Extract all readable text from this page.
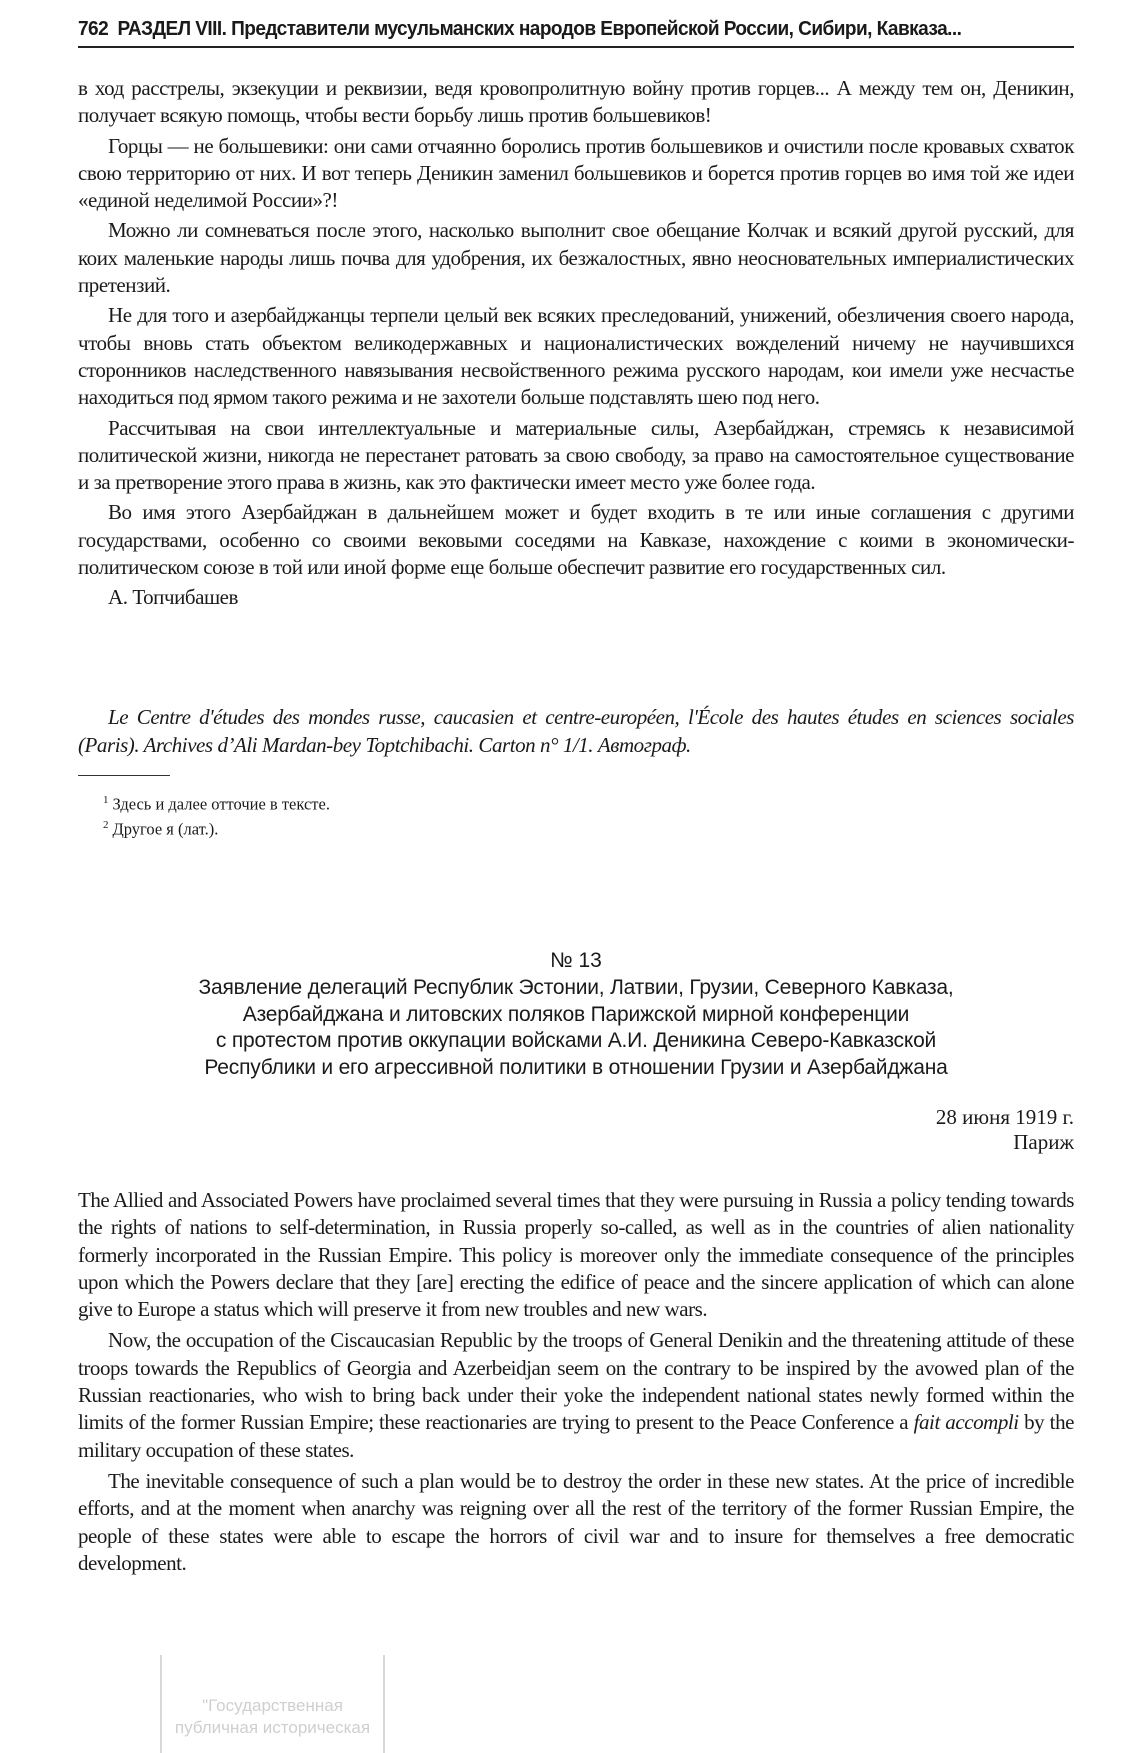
762 РАЗДЕЛ VIII. Представители мусульманских народов Европейской России, Сибири, Кавказа...

в ход расстрелы, экзекуции и реквизии, ведя кровопролитную войну против горцев... А между тем он, Деникин, получает всякую помощь, чтобы вести борьбу лишь против большевиков!

Горцы — не большевики: они сами отчаянно боролись против большевиков и очистили после кровавых схваток свою территорию от них. И вот теперь Деникин заменил большевиков и борется против горцев во имя той же идеи «единой неделимой России»?!

Можно ли сомневаться после этого, насколько выполнит свое обещание Колчак и всякий другой русский, для коих маленькие народы лишь почва для удобрения, их безжалостных, явно неосновательных империалистических претензий.

Не для того и азербайджанцы терпели целый век всяких преследований, унижений, обезличения своего народа, чтобы вновь стать объектом великодержавных и националистических вожделений ничему не научившихся сторонников наследственного навязывания несвойственного режима русского народам, кои имели уже несчастье находиться под ярмом такого режима и не захотели больше подставлять шею под него.

Рассчитывая на свои интеллектуальные и материальные силы, Азербайджан, стремясь к независимой политической жизни, никогда не перестанет ратовать за свою свободу, за право на самостоятельное существование и за претворение этого права в жизнь, как это фактически имеет место уже более года.

Во имя этого Азербайджан в дальнейшем может и будет входить в те или иные соглашения с другими государствами, особенно со своими вековыми соседями на Кавказе, нахождение с коими в экономически-политическом союзе в той или иной форме еще больше обеспечит развитие его государственных сил.

А. Топчибашев

Le Centre d'études des mondes russe, caucasien et centre-européen, l'École des hautes études en sciences sociales (Paris). Archives d’Ali Mardan-bey Toptchibachi. Carton n° 1/1. Автограф.
$^1$ Здесь и далее отточие в тексте.
$^2$ Другое я (лат.).
№ 13
Заявление делегаций Республик Эстонии, Латвии, Грузии, Северного Кавказа,
Азербайджана и литовских поляков Парижской мирной конференции
с протестом против оккупации войсками А.И. Деникина Северо-Кавказской
Республики и его агрессивной политики в отношении Грузии и Азербайджана
28 июня 1919 г.
Париж

The Allied and Associated Powers have proclaimed several times that they were pursuing in Russia a policy tending towards the rights of nations to self-determination, in Russia properly so-called, as well as in the countries of alien nationality formerly incorporated in the Russian Empire. This policy is moreover only the immediate consequence of the principles upon which the Powers declare that they [are] erecting the edifice of peace and the sincere application of which can alone give to Europe a status which will preserve it from new troubles and new wars.

Now, the occupation of the Ciscaucasian Republic by the troops of General Denikin and the threatening attitude of these troops towards the Republics of Georgia and Azerbeidjan seem on the contrary to be inspired by the avowed plan of the Russian reactionaries, who wish to bring back under their yoke the independent national states newly formed within the limits of the former Russian Empire; these reactionaries are trying to present to the Peace Conference a fait accompli by the military occupation of these states.

The inevitable consequence of such a plan would be to destroy the order in these new states. At the price of incredible efforts, and at the moment when anarchy was reigning over all the rest of the territory of the former Russian Empire, the people of these states were able to escape the horrors of civil war and to insure for themselves a free democratic development.

"Государственная
публичная историческая
